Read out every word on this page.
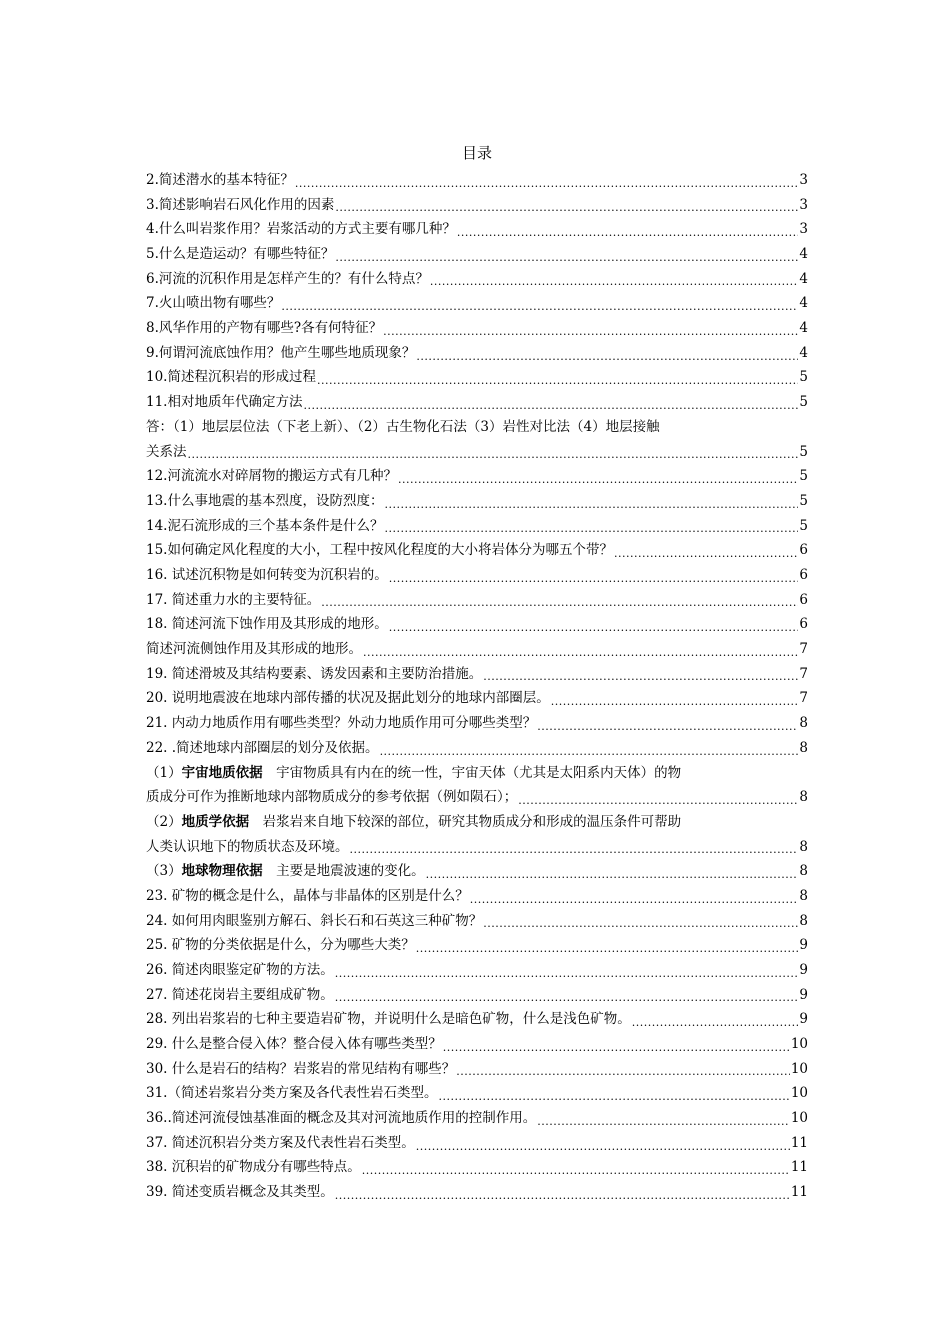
目录
2.简述潜水的基本特征？ .....	3
3.简述影响岩石风化作用的因素 .....	3
4.什么叫岩浆作用？岩浆活动的方式主要有哪几种？ .....	3
5.什么是造运动？有哪些特征？ .....	4
6.河流的沉积作用是怎样产生的？有什么特点？ .....	4
7.火山喷出物有哪些？ .....	4
8.风华作用的产物有哪些?各有何特征？ .....	4
9.何谓河流底蚀作用？他产生哪些地质现象？ .....	4
10.简述程沉积岩的形成过程 .....	5
11.相对地质年代确定方法 .....	5
答：（1）地层层位法（下老上新）、（2）古生物化石法（3）岩性对比法（4）地层接触
关系法 .....	5
12.河流流水对碎屑物的搬运方式有几种？ .....	5
13.什么事地震的基本烈度，设防烈度： .....	5
14.泥石流形成的三个基本条件是什么？ .....	5
15.如何确定风化程度的大小，工程中按风化程度的大小将岩体分为哪五个带？ .....	6
16. 试述沉积物是如何转变为沉积岩的。 .....	6
17. 简述重力水的主要特征。 .....	6
18. 简述河流下蚀作用及其形成的地形。 .....	6
简述河流侧蚀作用及其形成的地形。 .....	7
19. 简述滑坡及其结构要素、诱发因素和主要防治措施。 .....	7
20. 说明地震波在地球内部传播的状况及据此划分的地球内部圈层。 .....	7
21. 内动力地质作用有哪些类型？外动力地质作用可分哪些类型？ .....	8
22. .简述地球内部圈层的划分及依据。 .....	8
（1）宇宙地质依据　宇宙物质具有内在的统一性，宇宙天体（尤其是太阳系内天体）的物
质成分可作为推断地球内部物质成分的参考依据（例如陨石）； .....	8
（2）地质学依据　岩浆岩来自地下较深的部位，研究其物质成分和形成的温压条件可帮助
人类认识地下的物质状态及环境。 .....	8
（3）地球物理依据　主要是地震波速的变化。 .....	8
23. 矿物的概念是什么，晶体与非晶体的区别是什么？ .....	8
24. 如何用肉眼鉴别方解石、斜长石和石英这三种矿物？ .....	8
25. 矿物的分类依据是什么，分为哪些大类？ .....	9
26. 简述肉眼鉴定矿物的方法。 .....	9
27. 简述花岗岩主要组成矿物。 .....	9
28. 列出岩浆岩的七种主要造岩矿物，并说明什么是暗色矿物，什么是浅色矿物。 .....	9
29. 什么是整合侵入体？整合侵入体有哪些类型？ .....	10
30. 什么是岩石的结构？岩浆岩的常见结构有哪些？ .....	10
31.（简述岩浆岩分类方案及各代表性岩石类型。 .....	10
36..简述河流侵蚀基准面的概念及其对河流地质作用的控制作用。 .....	10
37. 简述沉积岩分类方案及代表性岩石类型。 .....	11
38. 沉积岩的矿物成分有哪些特点。 .....	11
39. 简述变质岩概念及其类型。 .....	11
